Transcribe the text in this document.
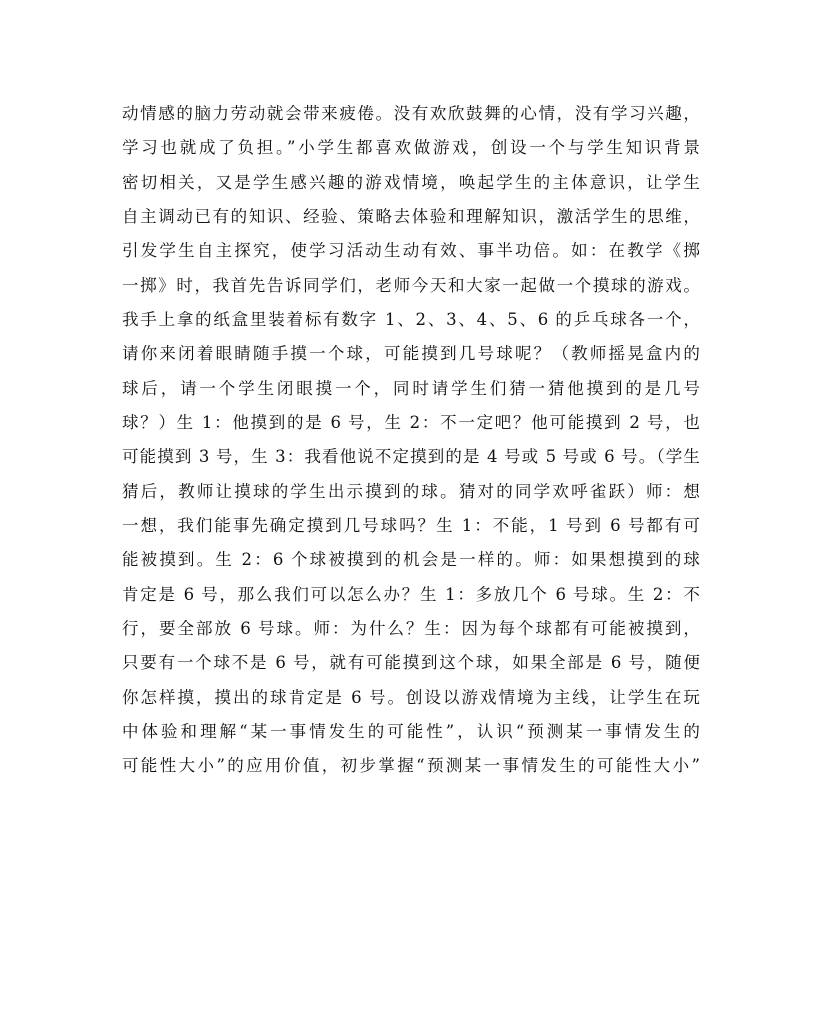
动情感的脑力劳动就会带来疲倦。没有欢欣鼓舞的心情，没有学习兴趣，
学习也就成了负担。”小学生都喜欢做游戏，创设一个与学生知识背景
密切相关，又是学生感兴趣的游戏情境，唤起学生的主体意识，让学生
自主调动已有的知识、经验、策略去体验和理解知识，激活学生的思维，
引发学生自主探究，使学习活动生动有效、事半功倍。如：在教学《掷
一掷》时，我首先告诉同学们，老师今天和大家一起做一个摸球的游戏。
我手上拿的纸盒里装着标有数字 1、2、3、4、5、6 的乒乓球各一个，
请你来闭着眼睛随手摸一个球，可能摸到几号球呢？（教师摇晃盒内的
球后，请一个学生闭眼摸一个，同时请学生们猜一猜他摸到的是几号
球？）生 1：他摸到的是 6 号，生 2：不一定吧？他可能摸到 2 号，也
可能摸到 3 号，生 3：我看他说不定摸到的是 4 号或 5 号或 6 号。（学生
猜后，教师让摸球的学生出示摸到的球。猜对的同学欢呼雀跃）师：想
一想，我们能事先确定摸到几号球吗？生 1：不能，1 号到 6 号都有可
能被摸到。生 2：6 个球被摸到的机会是一样的。师：如果想摸到的球
肯定是 6 号，那么我们可以怎么办？生 1：多放几个 6 号球。生 2：不
行，要全部放 6 号球。师：为什么？生：因为每个球都有可能被摸到，
只要有一个球不是 6 号，就有可能摸到这个球，如果全部是 6 号，随便
你怎样摸，摸出的球肯定是 6 号。创设以游戏情境为主线，让学生在玩
中体验和理解“某一事情发生的可能性”，认识“预测某一事情发生的
可能性大小”的应用价值，初步掌握“预测某一事情发生的可能性大小”
